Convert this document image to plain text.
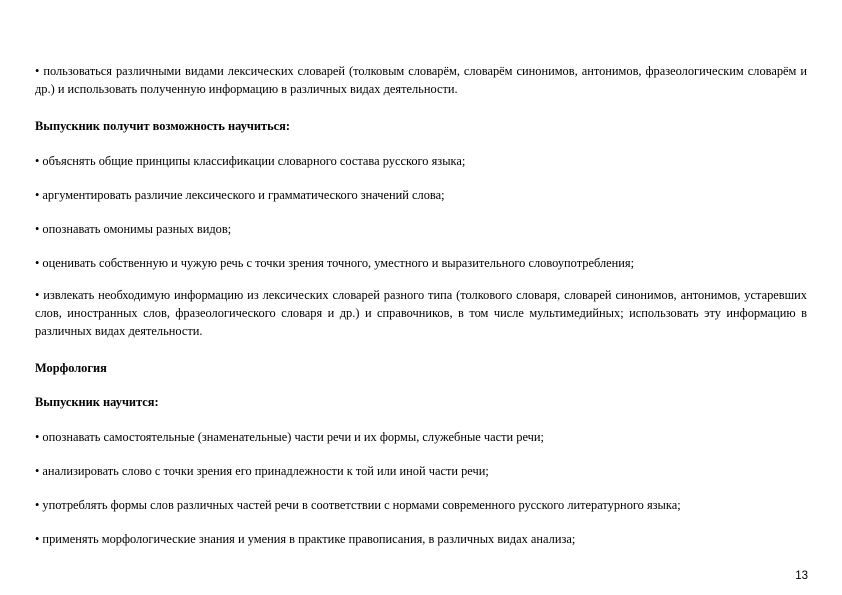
• пользоваться различными видами лексических словарей (толковым словарём, словарём синонимов, антонимов, фразеологическим словарём и др.) и использовать полученную информацию в различных видах деятельности.

Выпускник получит возможность научиться:

• объяснять общие принципы классификации словарного состава русского языка;

• аргументировать различие лексического и грамматического значений слова;

• опознавать омонимы разных видов;

• оценивать собственную и чужую речь с точки зрения точного, уместного и выразительного словоупотребления;

• извлекать необходимую информацию из лексических словарей разного типа (толкового словаря, словарей синонимов, антонимов, устаревших слов, иностранных слов, фразеологического словаря и др.) и справочников, в том числе мультимедийных; использовать эту информацию в различных видах деятельности.

Морфология

Выпускник научится:

• опознавать самостоятельные (знаменательные) части речи и их формы, служебные части речи;

• анализировать слово с точки зрения его принадлежности к той или иной части речи;

• употреблять формы слов различных частей речи в соответствии с нормами современного русского литературного языка;

• применять морфологические знания и умения в практике правописания, в различных видах анализа;

13
